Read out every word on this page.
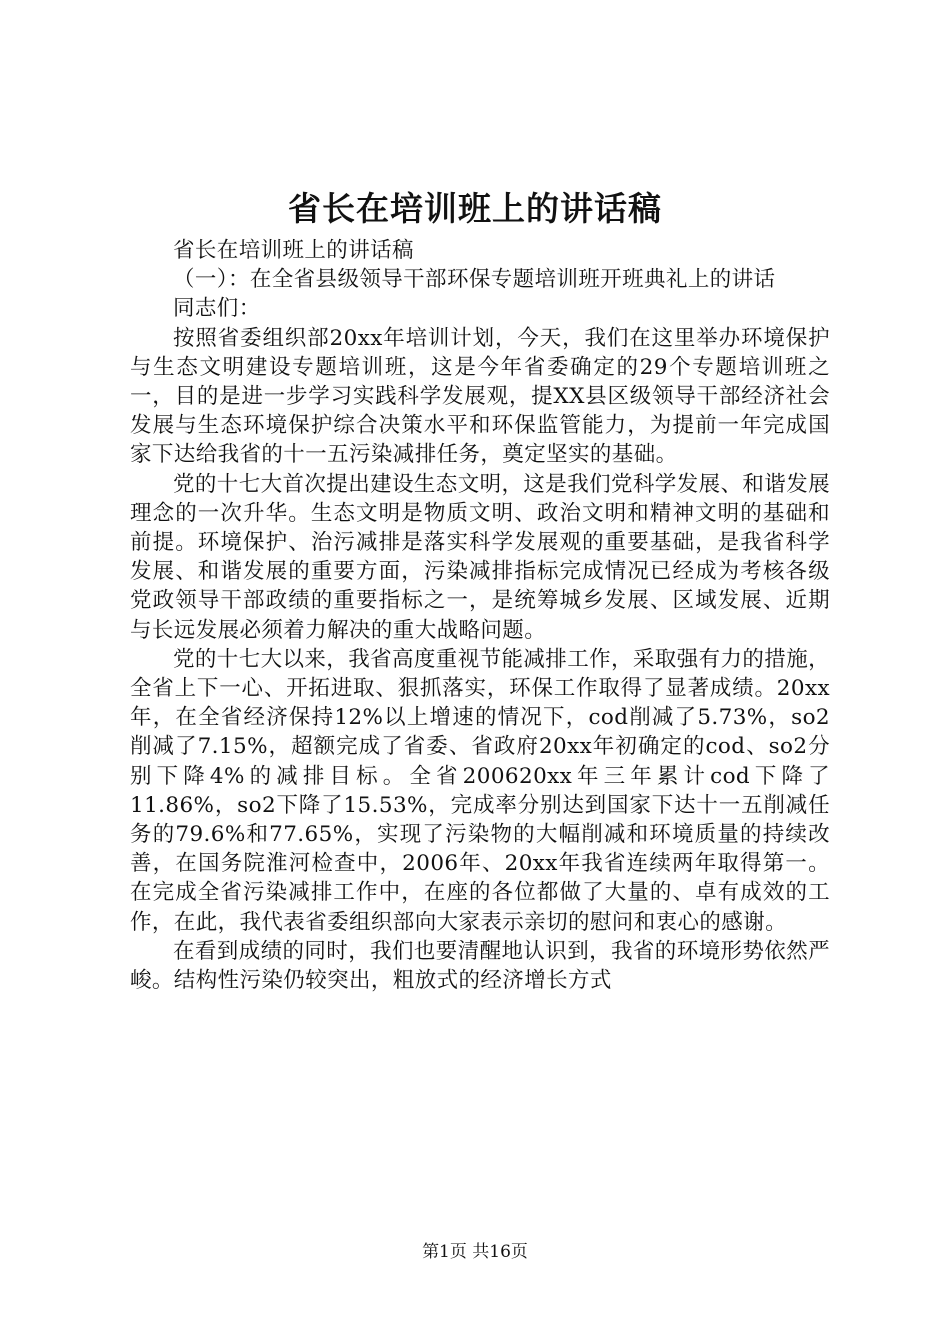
省长在培训班上的讲话稿

省长在培训班上的讲话稿

（一）：在全省县级领导干部环保专题培训班开班典礼上的讲话

同志们：

按照省委组织部20xx年培训计划，今天，我们在这里举办环境保护与生态文明建设专题培训班，这是今年省委确定的29个专题培训班之一，目的是进一步学习实践科学发展观，提XX县区级领导干部经济社会发展与生态环境保护综合决策水平和环保监管能力，为提前一年完成国家下达给我省的十一五污染减排任务，奠定坚实的基础。

党的十七大首次提出建设生态文明，这是我们党科学发展、和谐发展理念的一次升华。生态文明是物质文明、政治文明和精神文明的基础和前提。环境保护、治污减排是落实科学发展观的重要基础，是我省科学发展、和谐发展的重要方面，污染减排指标完成情况已经成为考核各级党政领导干部政绩的重要指标之一，是统筹城乡发展、区域发展、近期与长远发展必须着力解决的重大战略问题。

党的十七大以来，我省高度重视节能减排工作，采取强有力的措施，全省上下一心、开拓进取、狠抓落实，环保工作取得了显著成绩。20xx年，在全省经济保持12%以上增速的情况下，cod削减了5.73%，so2削减了7.15%，超额完成了省委、省政府20xx年初确定的cod、so2分别下降4%的减排目标。全省200620xx年三年累计cod下降了11.86%，so2下降了15.53%，完成率分别达到国家下达十一五削减任务的79.6%和77.65%，实现了污染物的大幅削减和环境质量的持续改善，在国务院淮河检查中，2006年、20xx年我省连续两年取得第一。在完成全省污染减排工作中，在座的各位都做了大量的、卓有成效的工作，在此，我代表省委组织部向大家表示亲切的慰问和衷心的感谢。

在看到成绩的同时，我们也要清醒地认识到，我省的环境形势依然严峻。结构性污染仍较突出，粗放式的经济增长方式

第1页 共16页
